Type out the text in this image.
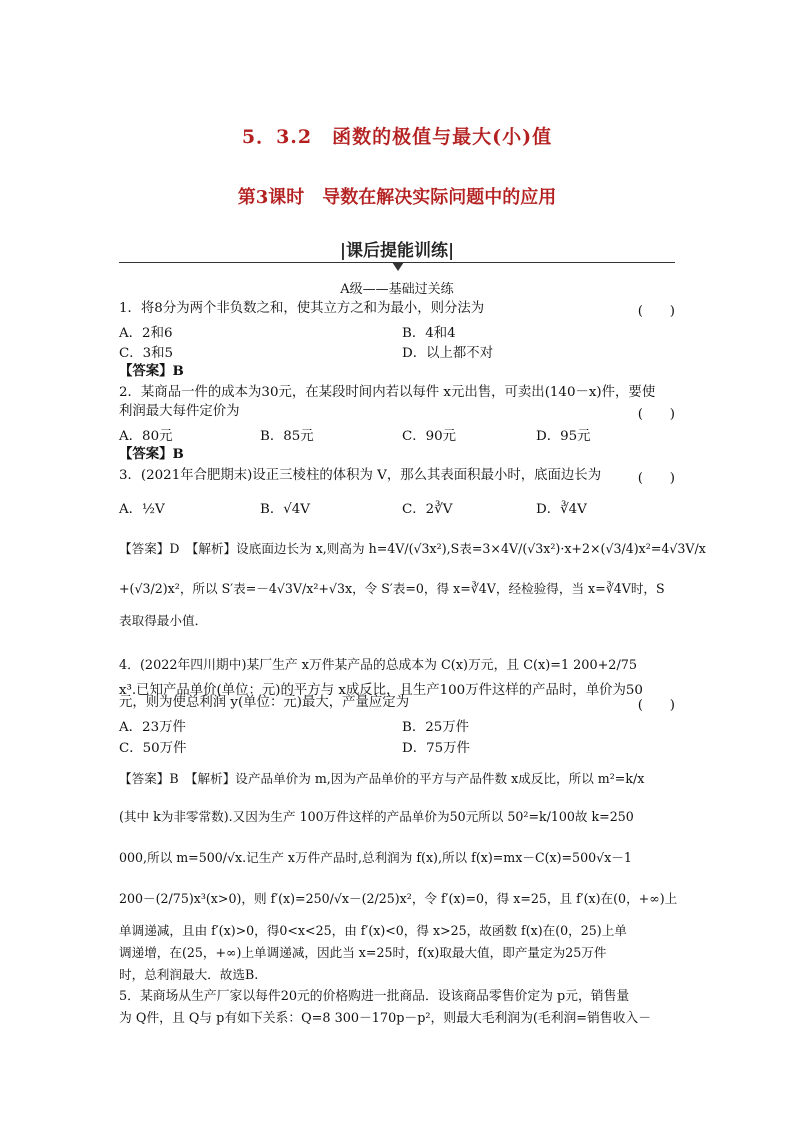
5．3.2　函数的极值与最大(小)值
第3课时　导数在解决实际问题中的应用
|课后提能训练|
A级——基础过关练
1．将8分为两个非负数之和，使其立方之和为最小，则分法为	(　　)
A．2和6	B．4和4
C．3和5	D．以上都不对
【答案】B
2．某商品一件的成本为30元，在某段时间内若以每件 x元出售，可卖出(140－x)件，要使
利润最大每件定价为	(　　)
A．80元	B．85元	C．90元	D．95元
【答案】B
3．(2021年合肥期末)设正三棱柱的体积为 V，那么其表面积最小时，底面边长为	(　　)
A．½V	B．√4V	C．2∛V	D．∛4V
【答案】D　【解析】设底面边长为 x,则高为 h=4V/(√3x²),S表=3×4V/(√3x²)·x+2×(√3/4)x²=4√3V/x
+(√3/2)x²，所以 S′表=－4√3V/x²+√3x，令 S′表=0，得 x=∛4V，经检验得，当 x=∛4V时，S
表取得最小值．
4．(2022年四川期中)某厂生产 x万件某产品的总成本为 C(x)万元，且 C(x)=1 200+2/75
x³.已知产品单价(单位：元)的平方与 x成反比，且生产100万件这样的产品时，单价为50
元，则为使总利润 y(单位：元)最大，产量应定为	(　　)
A．23万件	B．25万件
C．50万件	D．75万件
【答案】B　【解析】设产品单价为 m,因为产品单价的平方与产品件数 x成反比，所以 m²=k/x
(其中 k为非零常数).又因为生产 100万件这样的产品单价为50元所以 50²=k/100故 k=250
000,所以 m=500/√x.记生产 x万件产品时,总利润为 f(x),所以 f(x)=mx－C(x)=500√x－1
200－(2/75)x³(x>0)，则 f′(x)=250/√x－(2/25)x²，令 f′(x)=0，得 x=25，且 f′(x)在(0，+∞)上
单调递减，且由 f′(x)>0，得0<x<25，由 f′(x)<0，得 x>25，故函数 f(x)在(0，25)上单
调递增，在(25，+∞)上单调递减，因此当 x=25时，f(x)取最大值，即产量定为25万件
时，总利润最大．故选B.
5．某商场从生产厂家以每件20元的价格购进一批商品．设该商品零售价定为 p元，销售量
为 Q件，且 Q与 p有如下关系：Q=8 300－170p－p²，则最大毛利润为(毛利润=销售收入－
